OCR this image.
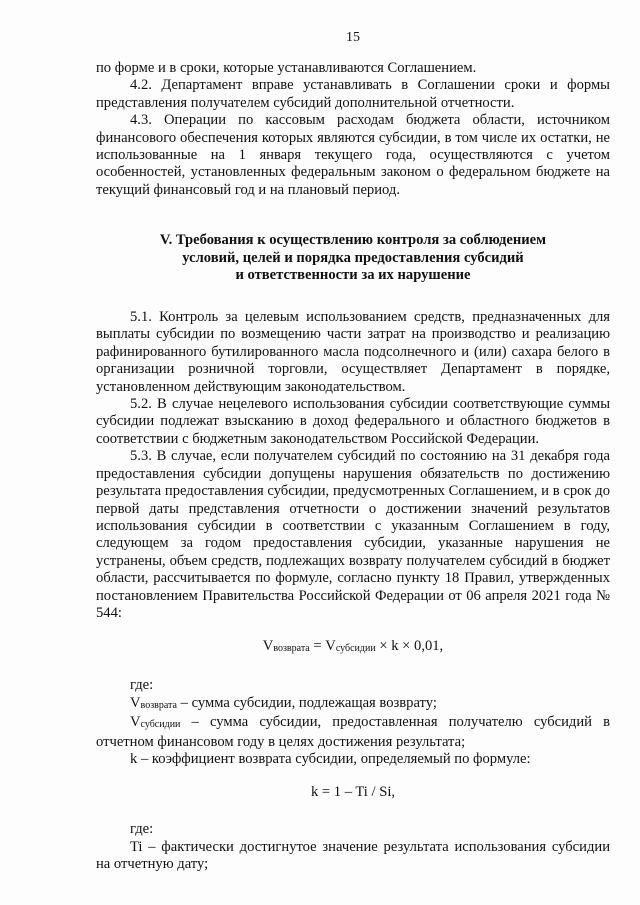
15

по форме и в сроки, которые устанавливаются Соглашением.

4.2. Департамент вправе устанавливать в Соглашении сроки и формы представления получателем субсидий дополнительной отчетности.

4.3. Операции по кассовым расходам бюджета области, источником финансового обеспечения которых являются субсидии, в том числе их остатки, не использованные на 1 января текущего года, осуществляются с учетом особенностей, установленных федеральным законом о федеральном бюджете на текущий финансовый год и на плановый период.

V. Требования к осуществлению контроля за соблюдением
условий, целей и порядка предоставления субсидий
и ответственности за их нарушение

5.1. Контроль за целевым использованием средств, предназначенных для выплаты субсидии по возмещению части затрат на производство и реализацию рафинированного бутилированного масла подсолнечного и (или) сахара белого в организации розничной торговли, осуществляет Департамент в порядке, установленном действующим законодательством.

5.2. В случае нецелевого использования субсидии соответствующие суммы субсидии подлежат взысканию в доход федерального и областного бюджетов в соответствии с бюджетным законодательством Российской Федерации.

5.3. В случае, если получателем субсидий по состоянию на 31 декабря года предоставления субсидии допущены нарушения обязательств по достижению результата предоставления субсидии, предусмотренных Соглашением, и в срок до первой даты представления отчетности о достижении значений результатов использования субсидии в соответствии с указанным Соглашением в году, следующем за годом предоставления субсидии, указанные нарушения не устранены, объем средств, подлежащих возврату получателем субсидий в бюджет области, рассчитывается по формуле, согласно пункту 18 Правил, утвержденных постановлением Правительства Российской Федерации от 06 апреля 2021 года № 544:

$V_{возврата} = V_{субсидии} \times k \times 0,01$,

где:

$V_{возврата}$ – сумма субсидии, подлежащая возврату;

$V_{субсидии}$ – сумма субсидии, предоставленная получателю субсидий в отчетном финансовом году в целях достижения результата;

k – коэффициент возврата субсидии, определяемый по формуле:

k = 1 – Ti / Si,

где:

Ti – фактически достигнутое значение результата использования субсидии на отчетную дату;
